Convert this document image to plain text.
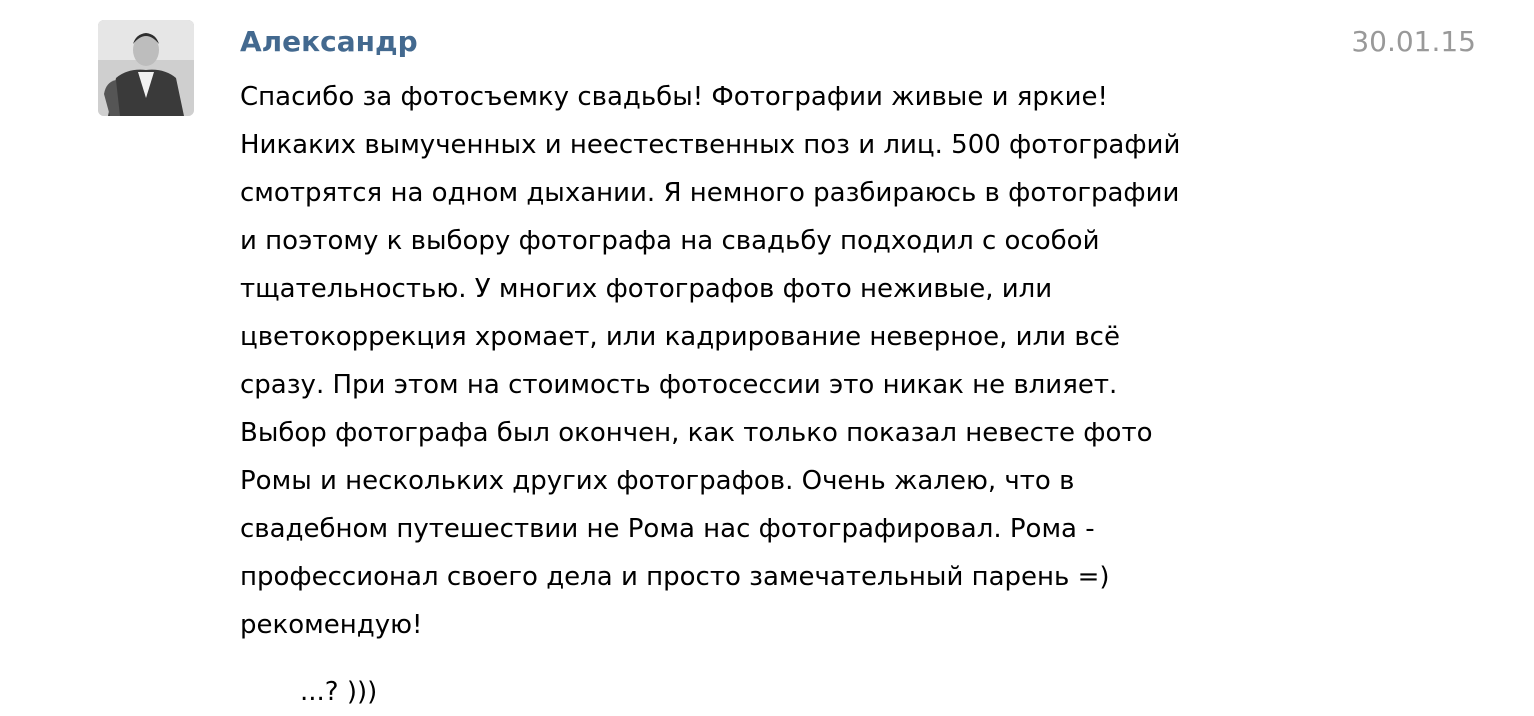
Александр	30.01.15
Спасибо за фотосъемку свадьбы! Фотографии живые и яркие!
Никаких вымученных и неестественных поз и лиц. 500 фотографий
смотрятся на одном дыхании. Я немного разбираюсь в фотографии
и поэтому к выбору фотографа на свадьбу подходил с особой
тщательностью. У многих фотографов фото неживые, или
цветокоррекция хромает, или кадрирование неверное, или всё
сразу. При этом на стоимость фотосессии это никак не влияет.
Выбор фотографа был окончен, как только показал невесте фото
Ромы и нескольких других фотографов. Очень жалею, что в
свадебном путешествии не Рома нас фотографировал. Рома -
профессионал своего дела и просто замечательный парень =)
рекомендую!
...? )))
